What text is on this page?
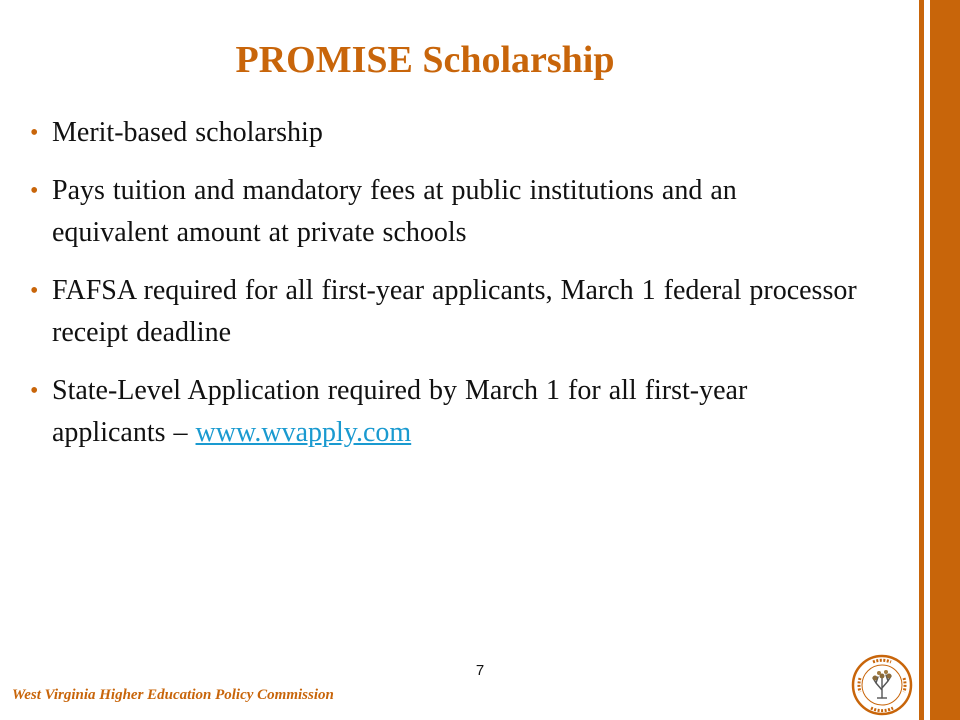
PROMISE Scholarship
• Merit-based scholarship
• Pays tuition and mandatory fees at public institutions and an equivalent amount at private schools
• FAFSA required for all first-year applicants, March 1 federal processor receipt deadline
• State-Level Application required by March 1 for all first-year applicants – www.wvapply.com
7
West Virginia Higher Education Policy Commission
